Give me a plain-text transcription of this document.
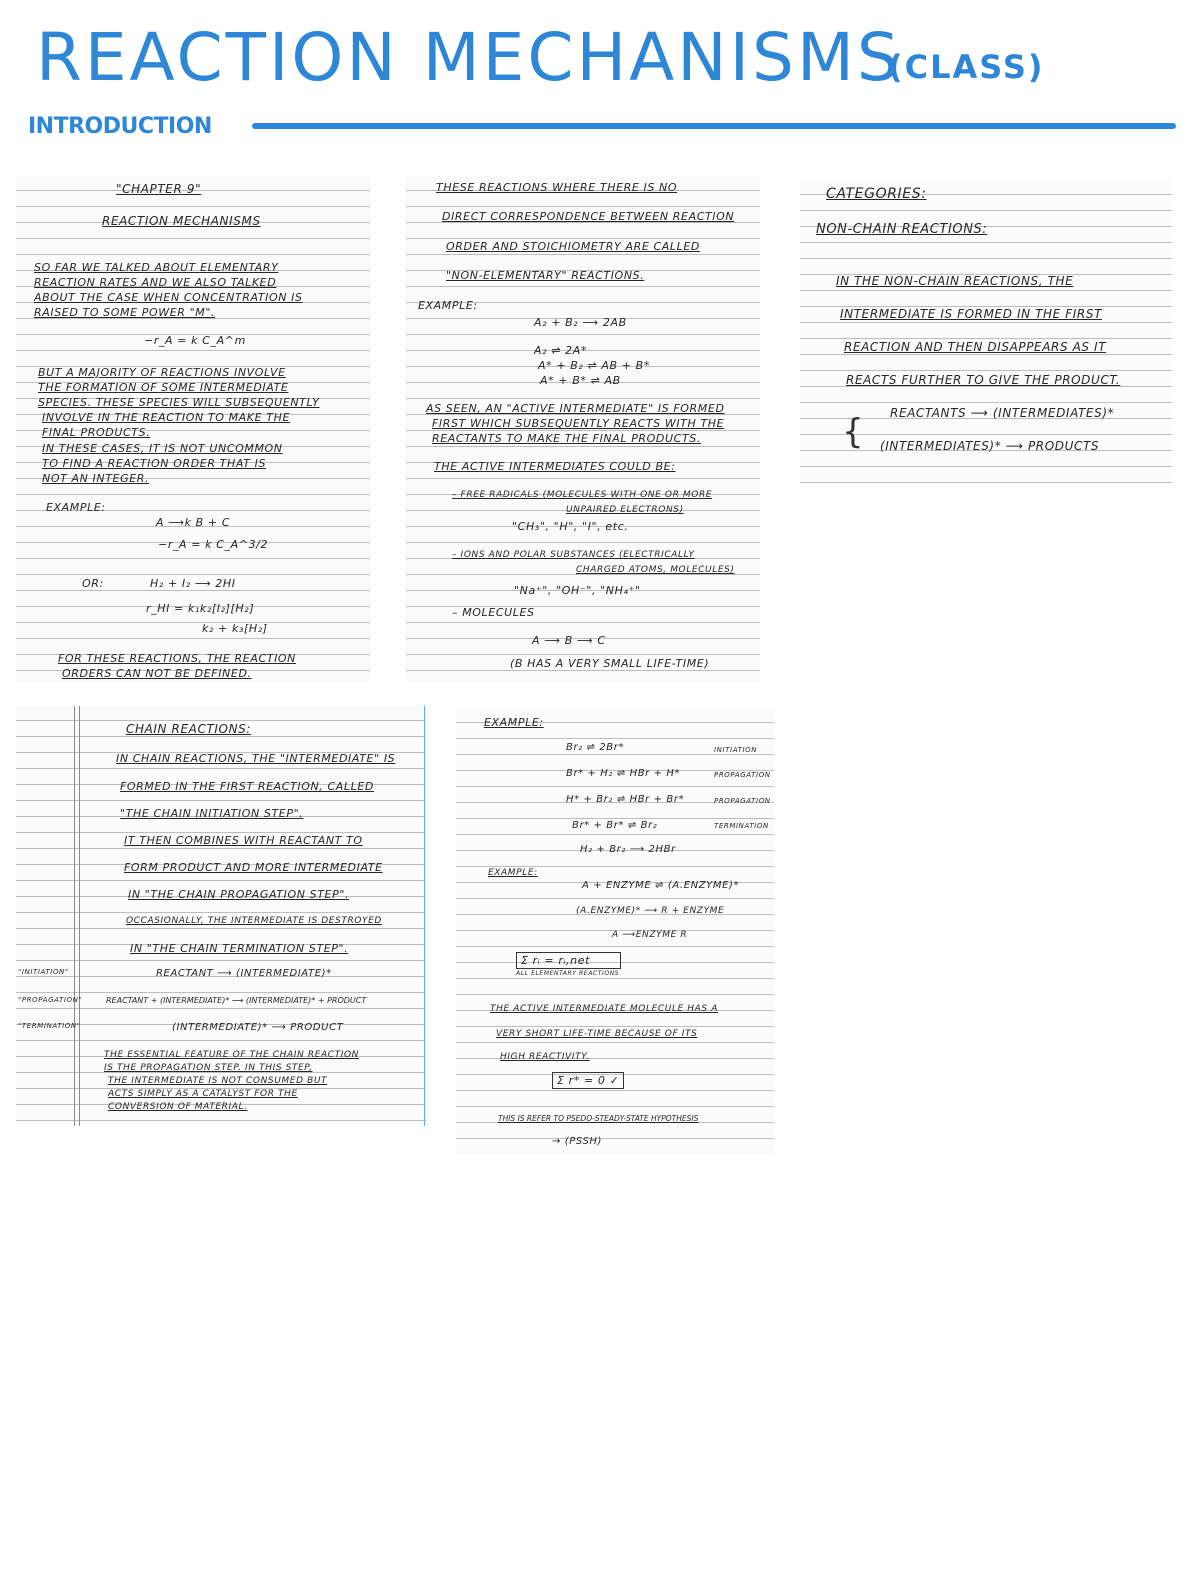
REACTION MECHANISMS
(CLASS)
INTRODUCTION
"CHAPTER 9"
REACTION MECHANISMS
SO FAR WE TALKED ABOUT ELEMENTARY
REACTION RATES AND WE ALSO TALKED
ABOUT THE CASE WHEN CONCENTRATION IS
RAISED TO SOME POWER "M".
−r_A = k C_A^m
BUT A MAJORITY OF REACTIONS INVOLVE
THE FORMATION OF SOME INTERMEDIATE
SPECIES. THESE SPECIES WILL SUBSEQUENTLY
INVOLVE IN THE REACTION TO MAKE THE
FINAL PRODUCTS.
IN THESE CASES, IT IS NOT UNCOMMON
TO FIND A REACTION ORDER THAT IS
NOT AN INTEGER.
EXAMPLE:
A ⟶k B + C
−r_A = k C_A^3/2
OR:	H₂ + I₂ ⟶ 2HI
r_HI = k₁k₂[I₂][H₂]
k₂ + k₃[H₂]
FOR THESE REACTIONS, THE REACTION
ORDERS CAN NOT BE DEFINED.
THESE REACTIONS WHERE THERE IS NO
DIRECT CORRESPONDENCE BETWEEN REACTION
ORDER AND STOICHIOMETRY ARE CALLED
"NON-ELEMENTARY" REACTIONS.
EXAMPLE:
A₂ + B₂ ⟶ 2AB
A₂ ⇌ 2A*
A* + B₂ ⇌ AB + B*
A* + B* ⇌ AB
AS SEEN, AN "ACTIVE INTERMEDIATE" IS FORMED
FIRST WHICH SUBSEQUENTLY REACTS WITH THE
REACTANTS TO MAKE THE FINAL PRODUCTS.
THE ACTIVE INTERMEDIATES COULD BE:
– FREE RADICALS (MOLECULES WITH ONE OR MORE
UNPAIRED ELECTRONS)
"CH₃", "H", "I", etc.
– IONS AND POLAR SUBSTANCES (ELECTRICALLY
CHARGED ATOMS, MOLECULES)
"Na⁺", "OH⁻", "NH₄⁺"
– MOLECULES
A ⟶ B ⟶ C
(B HAS A VERY SMALL LIFE-TIME)
CATEGORIES:
NON-CHAIN REACTIONS:
IN THE NON-CHAIN REACTIONS, THE
INTERMEDIATE IS FORMED IN THE FIRST
REACTION AND THEN DISAPPEARS AS IT
REACTS FURTHER TO GIVE THE PRODUCT.
REACTANTS ⟶ (INTERMEDIATES)*
(INTERMEDIATES)* ⟶ PRODUCTS
{
CHAIN REACTIONS:
IN CHAIN REACTIONS, THE "INTERMEDIATE" IS
FORMED IN THE FIRST REACTION, CALLED
"THE CHAIN INITIATION STEP".
IT THEN COMBINES WITH REACTANT TO
FORM PRODUCT AND MORE INTERMEDIATE
IN "THE CHAIN PROPAGATION STEP".
OCCASIONALLY, THE INTERMEDIATE IS DESTROYED
IN "THE CHAIN TERMINATION STEP".
"INITIATION"	REACTANT ⟶ (INTERMEDIATE)*
"PROPAGATION"	REACTANT + (INTERMEDIATE)* ⟶ (INTERMEDIATE)* + PRODUCT
"TERMINATION"	(INTERMEDIATE)* ⟶ PRODUCT
THE ESSENTIAL FEATURE OF THE CHAIN REACTION
IS THE PROPAGATION STEP. IN THIS STEP,
THE INTERMEDIATE IS NOT CONSUMED BUT
ACTS SIMPLY AS A CATALYST FOR THE
CONVERSION OF MATERIAL.
EXAMPLE:
Br₂ ⇌ 2Br*	INITIATION
Br* + H₂ ⇌ HBr + H*	PROPAGATION
H* + Br₂ ⇌ HBr + Br*	PROPAGATION
Br* + Br* ⇌ Br₂	TERMINATION
H₂ + Br₂ ⟶ 2HBr
EXAMPLE:
A + ENZYME ⇌ (A.ENZYME)*
(A.ENZYME)* ⟶ R + ENZYME
A ⟶ENZYME R
Σ rᵢ = rᵢ,net
ALL ELEMENTARY REACTIONS
THE ACTIVE INTERMEDIATE MOLECULE HAS A
VERY SHORT LIFE-TIME BECAUSE OF ITS
HIGH REACTIVITY.
Σ r* = 0 ✓
THIS IS REFER TO PSEDO-STEADY-STATE HYPOTHESIS
→ (PSSH)
